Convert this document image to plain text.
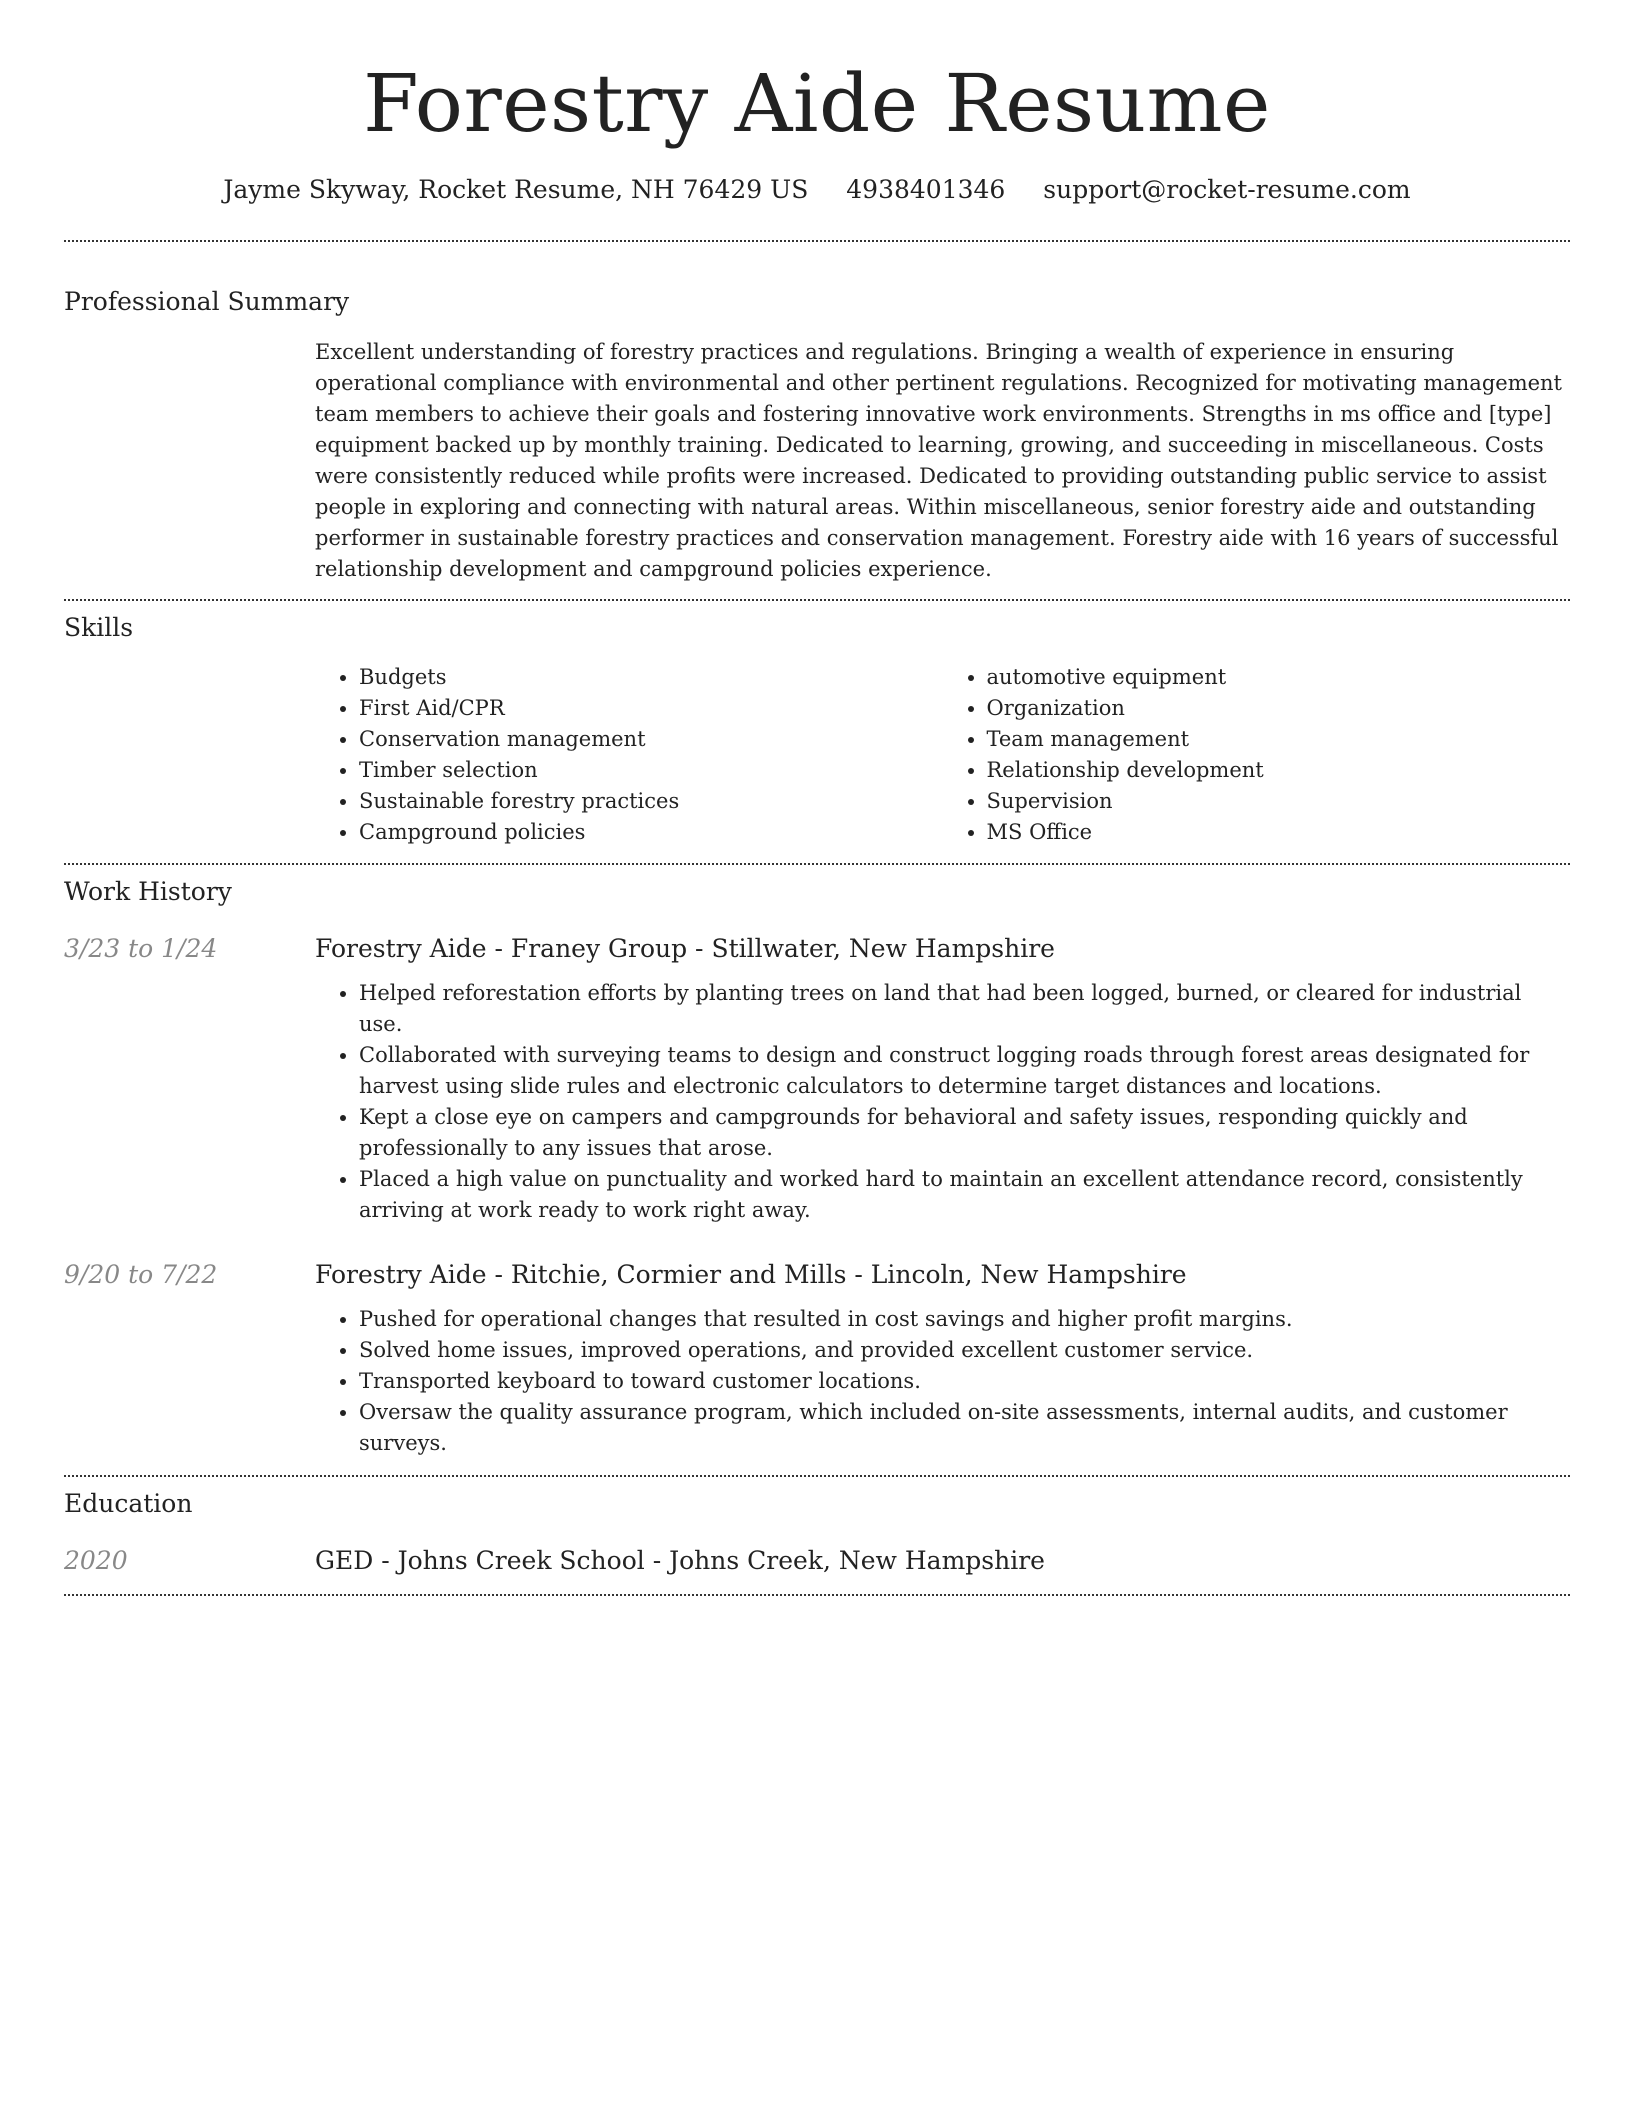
Forestry Aide Resume
Jayme Skyway, Rocket Resume, NH 76429 US 4938401346 support@rocket-resume.com
Professional Summary

Excellent understanding of forestry practices and regulations. Bringing a wealth of experience in ensuring operational compliance with environmental and other pertinent regulations. Recognized for motivating management team members to achieve their goals and fostering innovative work environments. Strengths in ms office and [type] equipment backed up by monthly training. Dedicated to learning, growing, and succeeding in miscellaneous. Costs were consistently reduced while profits were increased. Dedicated to providing outstanding public service to assist people in exploring and connecting with natural areas. Within miscellaneous, senior forestry aide and outstanding performer in sustainable forestry practices and conservation management. Forestry aide with 16 years of successful relationship development and campground policies experience.

Skills
• Budgets
• First Aid/CPR
• Conservation management
• Timber selection
• Sustainable forestry practices
• Campground policies
• automotive equipment
• Organization
• Team management
• Relationship development
• Supervision
• MS Office
Work History
3/23 to 1/24	Forestry Aide - Franey Group - Stillwater, New Hampshire
• Helped reforestation efforts by planting trees on land that had been logged, burned, or cleared for industrial use.
• Collaborated with surveying teams to design and construct logging roads through forest areas designated for harvest using slide rules and electronic calculators to determine target distances and locations.
• Kept a close eye on campers and campgrounds for behavioral and safety issues, responding quickly and professionally to any issues that arose.
• Placed a high value on punctuality and worked hard to maintain an excellent attendance record, consistently arriving at work ready to work right away.
9/20 to 7/22	Forestry Aide - Ritchie, Cormier and Mills - Lincoln, New Hampshire
• Pushed for operational changes that resulted in cost savings and higher profit margins.
• Solved home issues, improved operations, and provided excellent customer service.
• Transported keyboard to toward customer locations.
• Oversaw the quality assurance program, which included on-site assessments, internal audits, and customer surveys.
Education
2020	GED - Johns Creek School - Johns Creek, New Hampshire
